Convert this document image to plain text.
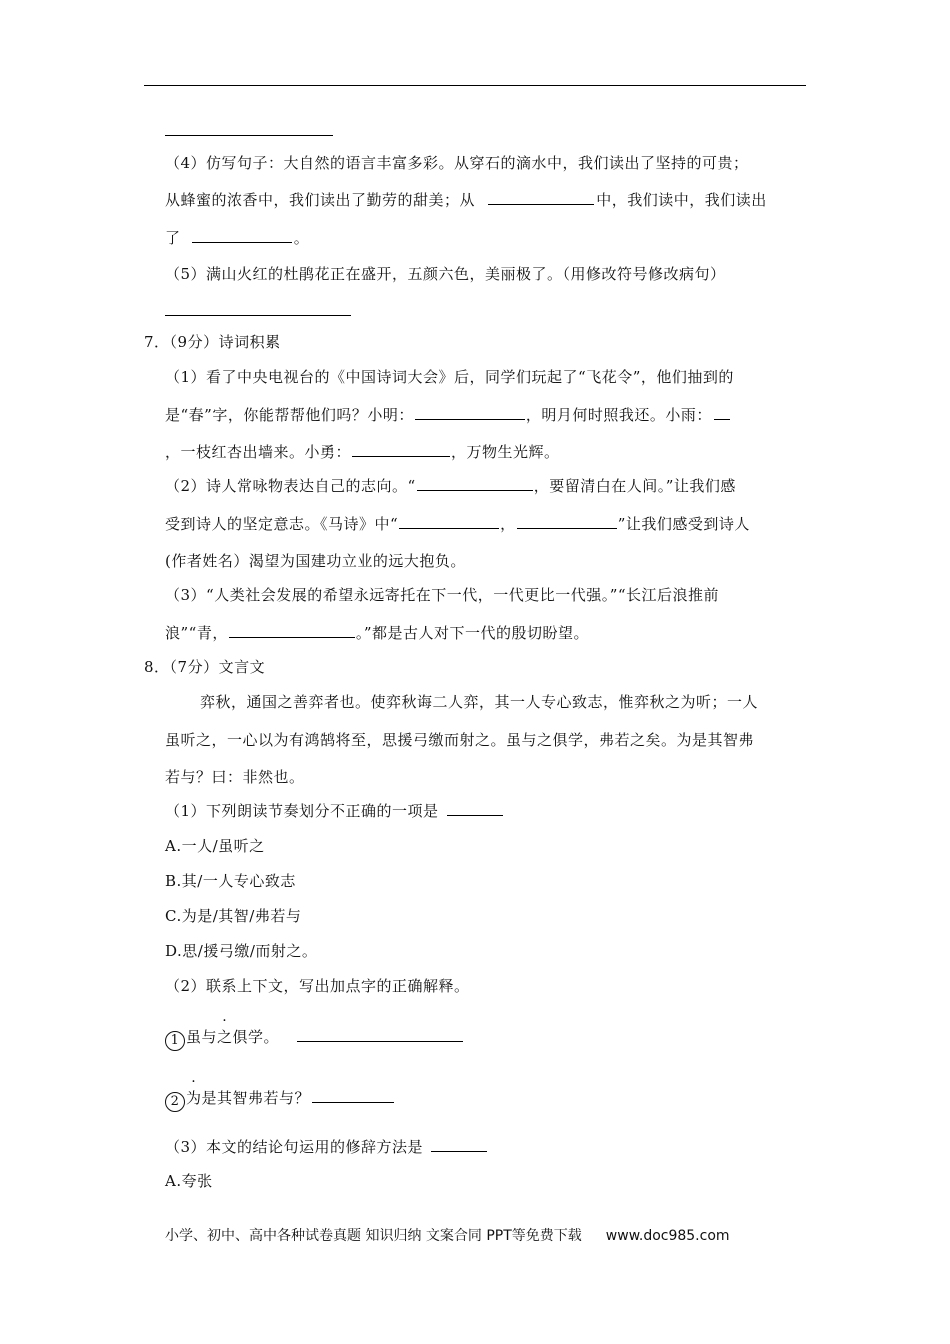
（4）仿写句子：大自然的语言丰富多彩。从穿石的滴水中，我们读出了坚持的可贵；
从蜂蜜的浓香中，我们读出了勤劳的甜美；从	中，我们读中，我们读出
了	。
（5）满山火红的杜鹃花正在盛开，五颜六色，美丽极了。（用修改符号修改病句）
7．（9分）诗词积累
（1）看了中央电视台的《中国诗词大会》后，同学们玩起了“飞花令”，他们抽到的
是“春”字，你能帮帮他们吗？小明：	，明月何时照我还。小雨：
，一枝红杏出墙来。小勇：	，万物生光辉。
（2）诗人常咏物表达自己的志向。“	，要留清白在人间。”让我们感
受到诗人的坚定意志。《马诗》中“	，	”让我们感受到诗人
(作者姓名）渴望为国建功立业的远大抱负。
（3）“人类社会发展的希望永远寄托在下一代，一代更比一代强。”“长江后浪推前
浪”“青，	。”都是古人对下一代的殷切盼望。
8．（7分）文言文
弈秋，通国之善弈者也。使弈秋诲二人弈，其一人专心致志，惟弈秋之为听；一人
虽听之，一心以为有鸿鹄将至，思援弓缴而射之。虽与之俱学，弗若之矣。为是其智弗
若与？曰：非然也。
（1）下列朗读节奏划分不正确的一项是
A.一人/虽听之
B.其/一人专心致志
C.为是/其智/弗若与
D.思/援弓缴/而射之。
（2）联系上下文，写出加点字的正确解释。
1 虽与之俱学。
2 为是其智弗若与？
（3）本文的结论句运用的修辞方法是
A.夸张
小学、初中、高中各种试卷真题 知识归纳 文案合同 PPT等免费下载 www.doc985.com
